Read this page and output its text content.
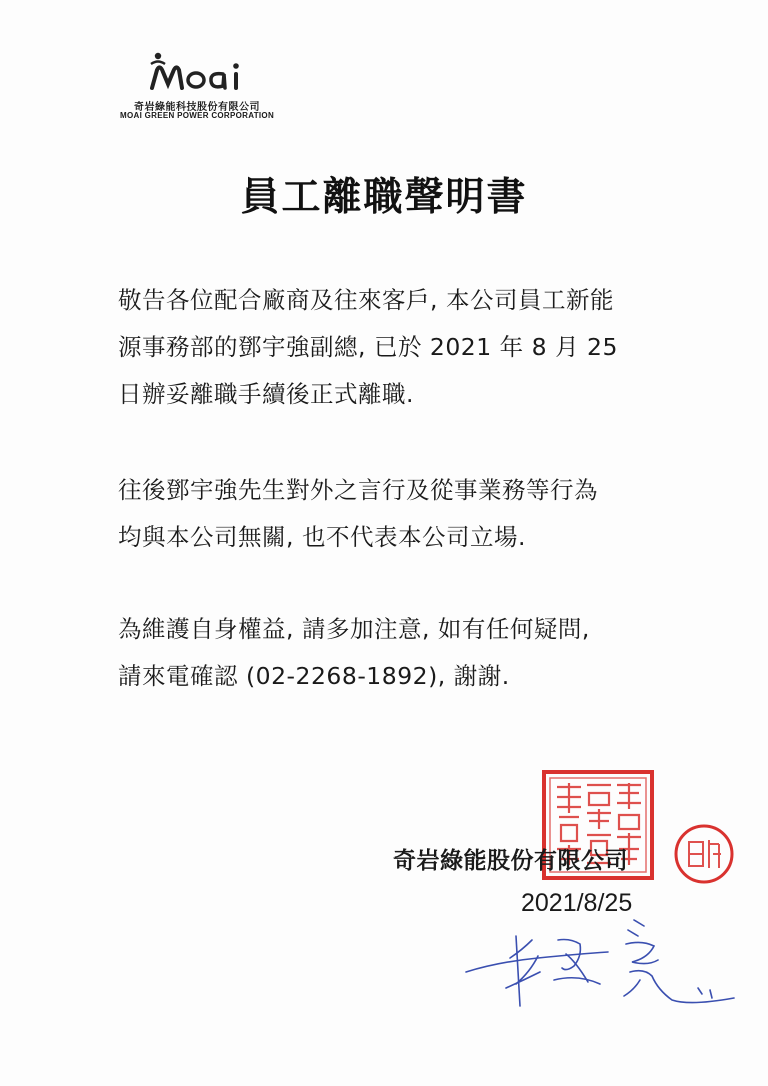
奇岩綠能科技股份有限公司
MOAI GREEN POWER CORPORATION
員工離職聲明書
敬告各位配合廠商及往來客戶, 本公司員工新能
源事務部的鄧宇強副總, 已於 2021 年 8 月 25
日辦妥離職手續後正式離職.
往後鄧宇強先生對外之言行及從事業務等行為
均與本公司無關, 也不代表本公司立場.
為維護自身權益, 請多加注意, 如有任何疑問,
請來電確認 (02-2268-1892), 謝謝.
奇岩綠能股份有限公司
2021/8/25
